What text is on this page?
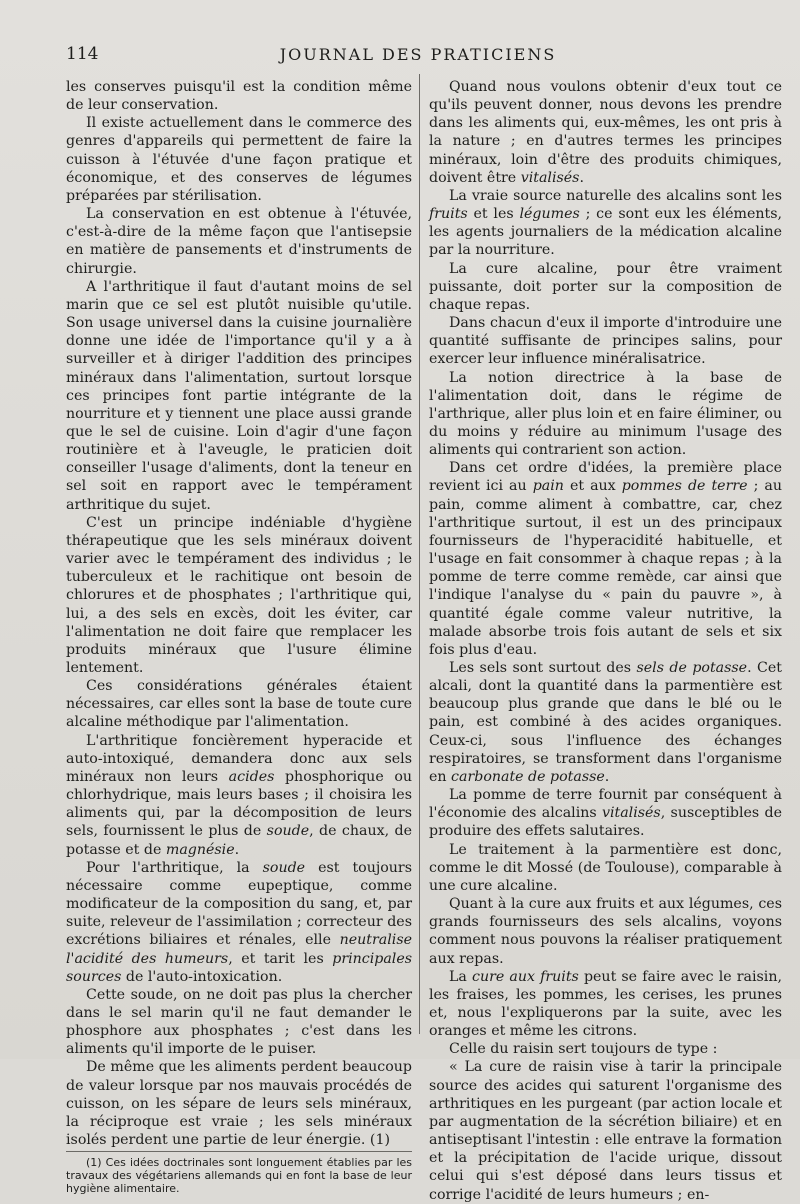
114	JOURNAL DES PRATICIENS

les conserves puisqu'il est la condition même de leur conservation.

Il existe actuellement dans le commerce des genres d'appareils qui permettent de faire la cuisson à l'étuvée d'une façon pratique et économique, et des conserves de légumes préparées par stérilisation.

La conservation en est obtenue à l'étuvée, c'est-à-dire de la même façon que l'antisepsie en matière de pansements et d'instruments de chirurgie.

A l'arthritique il faut d'autant moins de sel marin que ce sel est plutôt nuisible qu'utile. Son usage universel dans la cuisine journalière donne une idée de l'importance qu'il y a à surveiller et à diriger l'addition des principes minéraux dans l'alimentation, surtout lorsque ces principes font partie intégrante de la nourriture et y tiennent une place aussi grande que le sel de cuisine. Loin d'agir d'une façon routinière et à l'aveugle, le praticien doit conseiller l'usage d'aliments, dont la teneur en sel soit en rapport avec le tempérament arthritique du sujet.

C'est un principe indéniable d'hygiène thérapeutique que les sels minéraux doivent varier avec le tempérament des individus ; le tuberculeux et le rachitique ont besoin de chlorures et de phosphates ; l'arthritique qui, lui, a des sels en excès, doit les éviter, car l'alimentation ne doit faire que remplacer les produits minéraux que l'usure élimine lentement.

Ces considérations générales étaient nécessaires, car elles sont la base de toute cure alcaline méthodique par l'alimentation.

L'arthritique foncièrement hyperacide et auto-intoxiqué, demandera donc aux sels minéraux non leurs acides phosphorique ou chlorhydrique, mais leurs bases ; il choisira les aliments qui, par la décomposition de leurs sels, fournissent le plus de soude, de chaux, de potasse et de magnésie.

Pour l'arthritique, la soude est toujours nécessaire comme eupeptique, comme modificateur de la composition du sang, et, par suite, releveur de l'assimilation ; correcteur des excrétions biliaires et rénales, elle neutralise l'acidité des humeurs, et tarit les principales sources de l'auto-intoxication.

Cette soude, on ne doit pas plus la chercher dans le sel marin qu'il ne faut demander le phosphore aux phosphates ; c'est dans les aliments qu'il importe de le puiser.

De même que les aliments perdent beaucoup de valeur lorsque par nos mauvais procédés de cuisson, on les sépare de leurs sels minéraux, la réciproque est vraie ; les sels minéraux isolés perdent une partie de leur énergie. (1)

(1) Ces idées doctrinales sont longuement établies par les travaux des végétariens allemands qui en font la base de leur hygiène alimentaire.

Quand nous voulons obtenir d'eux tout ce qu'ils peuvent donner, nous devons les prendre dans les aliments qui, eux-mêmes, les ont pris à la nature ; en d'autres termes les principes minéraux, loin d'être des produits chimiques, doivent être vitalisés.

La vraie source naturelle des alcalins sont les fruits et les légumes ; ce sont eux les éléments, les agents journaliers de la médication alcaline par la nourriture.

La cure alcaline, pour être vraiment puissante, doit porter sur la composition de chaque repas.

Dans chacun d'eux il importe d'introduire une quantité suffisante de principes salins, pour exercer leur influence minéralisatrice.

La notion directrice à la base de l'alimentation doit, dans le régime de l'arthrique, aller plus loin et en faire éliminer, ou du moins y réduire au minimum l'usage des aliments qui contrarient son action.

Dans cet ordre d'idées, la première place revient ici au pain et aux pommes de terre ; au pain, comme aliment à combattre, car, chez l'arthritique surtout, il est un des principaux fournisseurs de l'hyperacidité habituelle, et l'usage en fait consommer à chaque repas ; à la pomme de terre comme remède, car ainsi que l'indique l'analyse du « pain du pauvre », à quantité égale comme valeur nutritive, la malade absorbe trois fois autant de sels et six fois plus d'eau.

Les sels sont surtout des sels de potasse. Cet alcali, dont la quantité dans la parmentière est beaucoup plus grande que dans le blé ou le pain, est combiné à des acides organiques. Ceux-ci, sous l'influence des échanges respiratoires, se transforment dans l'organisme en carbonate de potasse.

La pomme de terre fournit par conséquent à l'économie des alcalins vitalisés, susceptibles de produire des effets salutaires.

Le traitement à la parmentière est donc, comme le dit Mossé (de Toulouse), comparable à une cure alcaline.

Quant à la cure aux fruits et aux légumes, ces grands fournisseurs des sels alcalins, voyons comment nous pouvons la réaliser pratiquement aux repas.

La cure aux fruits peut se faire avec le raisin, les fraises, les pommes, les cerises, les prunes et, nous l'expliquerons par la suite, avec les oranges et même les citrons.

Celle du raisin sert toujours de type :

« La cure de raisin vise à tarir la principale source des acides qui saturent l'organisme des arthritiques en les purgeant (par action locale et par augmentation de la sécrétion biliaire) et en antiseptisant l'intestin : elle entrave la formation et la précipitation de l'acide urique, dissout celui qui s'est déposé dans leurs tissus et corrige l'acidité de leurs humeurs ; en-
